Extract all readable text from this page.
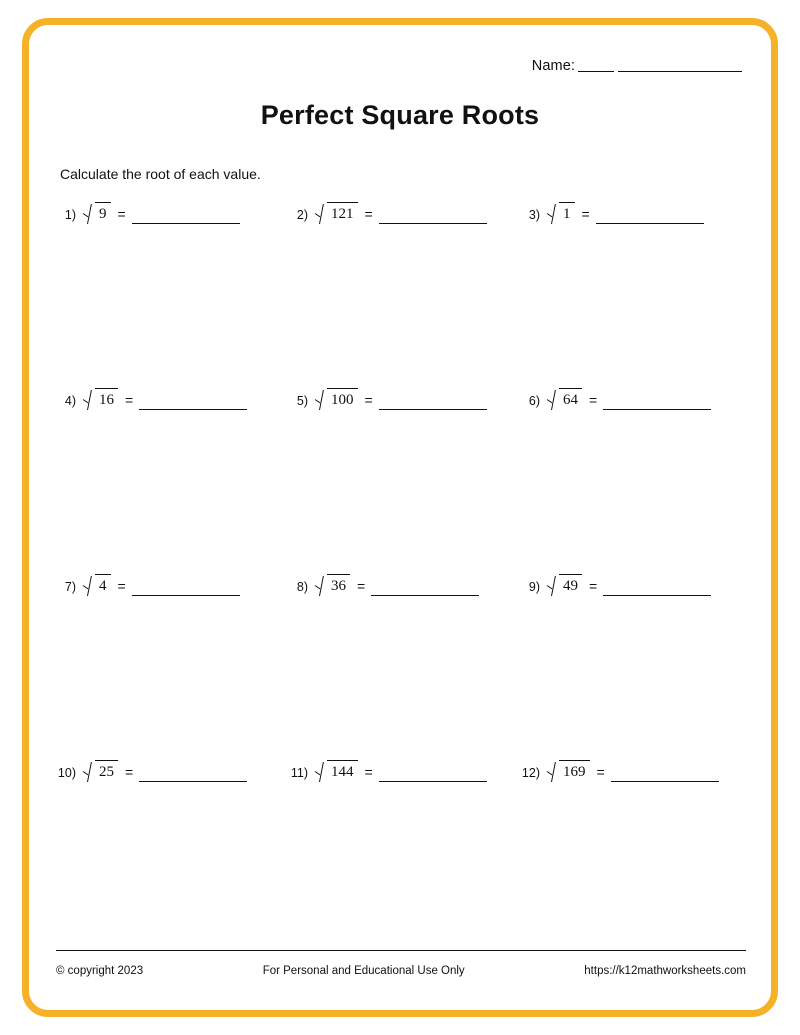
Name:
Perfect Square Roots
Calculate the root of each value.
1)	9 =	2)	121 =	3)	1 =
4)	16 =	5)	100 =	6)	64 =
7)	4 =	8)	36 =	9)	49 =
10)	25 =	11)	144 =	12)	169 =
© copyright 2023	For Personal and Educational Use Only	https://k12mathworksheets.com
